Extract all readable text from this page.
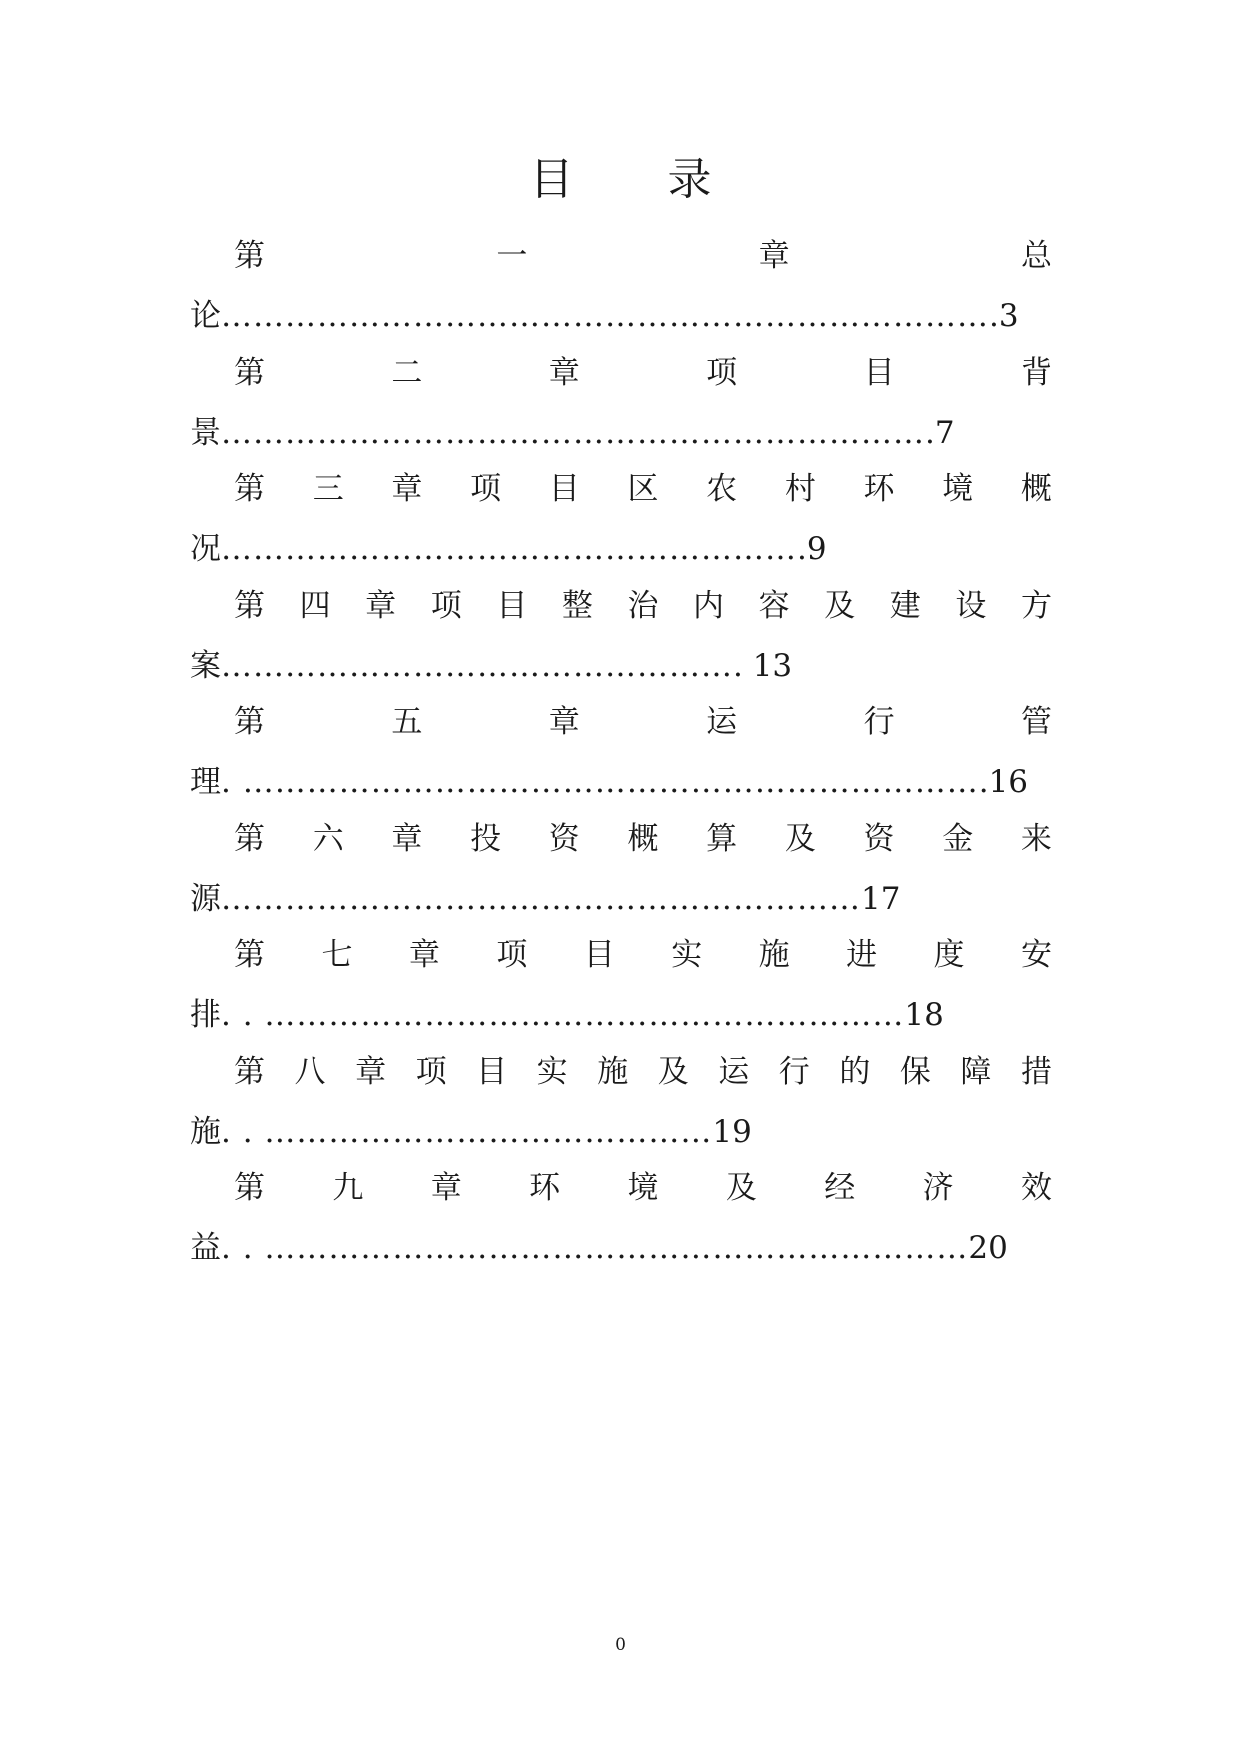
目 录
第	一	章	总
论……………………………………………………………….3
第	二	章	项	目	背
景………………………………………………………….7
第 三 章 项 目 区 农 村 环 境 概
况……………………………………………….9
第 四 章 项 目 整 治 内 容 及 建 设 方
案…………………………………………. 13
第	五	章	运	行	管
理. …………………………………………………………….16
第 六 章 投 资 概 算 及 资 金 来
源……………………………………………………17
第 七 章 项 目 实 施 进 度 安
排. . ……………………………………………………18
第 八 章 项 目 实 施 及 运 行 的 保 障 措
施. . ……………………………………19
第 九 章 环 境 及 经 济 效
益. . …………………………………………………………20
0
